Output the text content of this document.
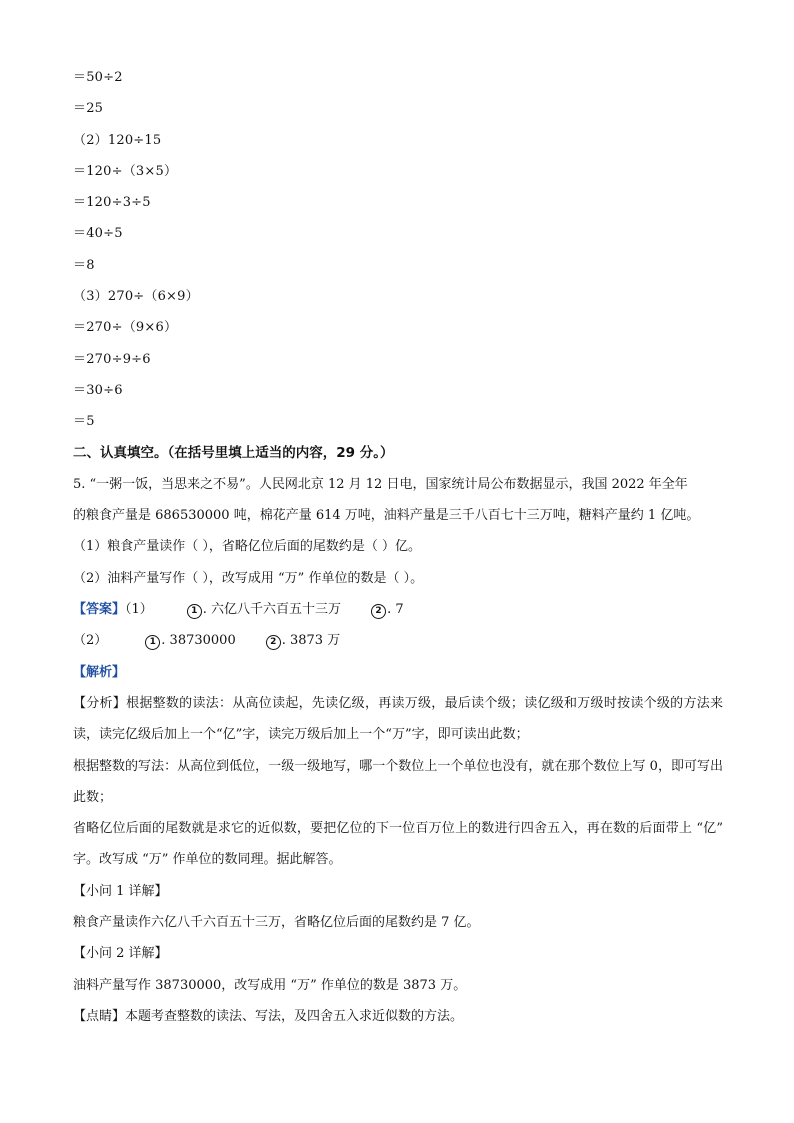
＝50÷2
＝25
（2）120÷15
＝120÷（3×5）
＝120÷3÷5
＝40÷5
＝8
（3）270÷（6×9）
＝270÷（9×6）
＝270÷9÷6
＝30÷6
＝5
二、认真填空。（在括号里填上适当的内容，29 分。）
5. “一粥一饭，当思来之不易”。人民网北京 12 月 12 日电，国家统计局公布数据显示，我国 2022 年全年
的粮食产量是 686530000 吨，棉花产量 614 万吨，油料产量是三千八百七十三万吨，糖料产量约 1 亿吨。
（1）粮食产量读作（ ），省略亿位后面的尾数约是（ ）亿。
（2）油料产量写作（ ），改写成用 “万” 作单位的数是（ ）。
【答案】（1）	1 . 六亿八千六百五十三万	2 . 7
（2）	1 . 38730000	2 . 3873 万
【解析】
【分析】根据整数的读法：从高位读起，先读亿级，再读万级，最后读个级；读亿级和万级时按读个级的方法来读，读完亿级后加上一个“亿”字，读完万级后加上一个“万”字，即可读出此数；
根据整数的写法：从高位到低位，一级一级地写，哪一个数位上一个单位也没有，就在那个数位上写 0，即可写出此数；
省略亿位后面的尾数就是求它的近似数，要把亿位的下一位百万位上的数进行四舍五入，再在数的后面带上 “亿” 字。改写成 “万” 作单位的数同理。据此解答。
【小问 1 详解】
粮食产量读作六亿八千六百五十三万，省略亿位后面的尾数约是 7 亿。
【小问 2 详解】
油料产量写作 38730000，改写成用 “万” 作单位的数是 3873 万。
【点睛】本题考查整数的读法、写法，及四舍五入求近似数的方法。
